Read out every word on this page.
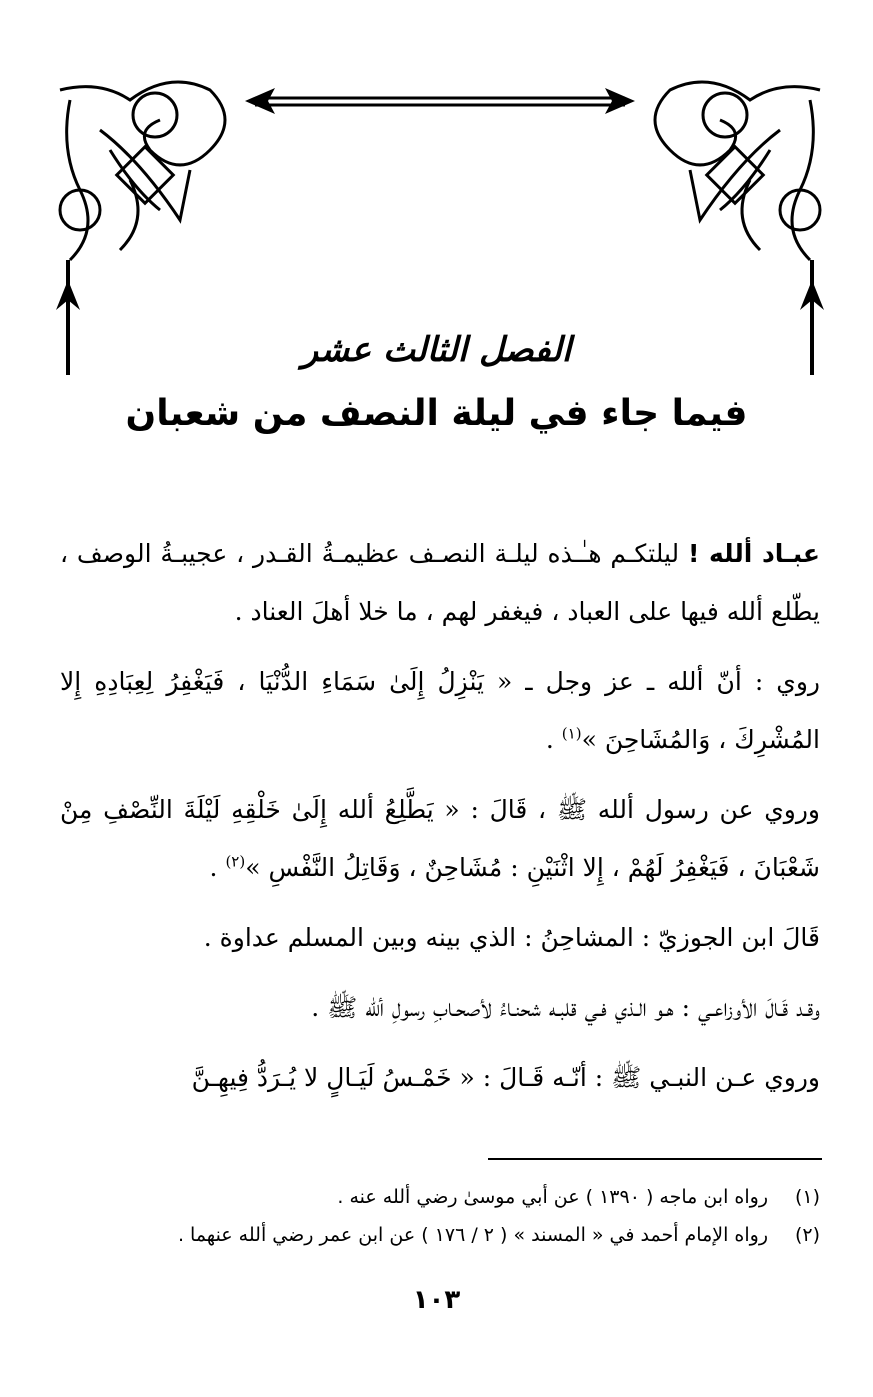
الفصل الثالث عشر
فيما جاء في ليلة النصف من شعبان

عبـاد ألله ! ليلتكـم هـٰـذه ليلـة النصـف عظيمـةُ القـدر ، عجيبـةُ الوصف ، يطّلع ألله فيها على العباد ، فيغفر لهم ، ما خلا أهلَ العناد .

روي : أنّ ألله ـ عز وجل ـ « يَنْزِلُ إِلَىٰ سَمَاءِ الدُّنْيَا ، فَيَغْفِرُ لِعِبَادِهِ إِلا المُشْرِكَ ، وَالمُشَاحِنَ »$^{(١)}$ .

وروي عن رسول ألله ﷺ ، قَالَ : « يَطَّلِعُ ألله إِلَىٰ خَلْقِهِ لَيْلَةَ النِّصْفِ مِنْ شَعْبَانَ ، فَيَغْفِرُ لَهُمْ ، إِلا اثْنَيْنِ : مُشَاحِنٌ ، وَقَاتِلُ النَّفْسِ »$^{(٢)}$ .

قَالَ ابن الجوزيّ : المشاحِنُ : الذي بينه وبين المسلم عداوة .

وقـد قَـالَ الأوزاعـي : هـو الـذي فـي قلبـه شحنـاءُ لأصحـابِ رسولِ ألله ﷺ .

وروي عـن النبـي ﷺ : أنّـه قَـالَ : « خَمْـسُ لَيَـالٍ لا يُـرَدُّ فِيهِـنَّ

(١)
رواه ابن ماجه ( ١٣٩٠ ) عن أبي موسىٰ رضي ألله عنه .
(٢)
رواه الإمام أحمد في « المسند » ( ٢ / ١٧٦ ) عن ابن عمر رضي ألله عنهما .
١٠٣
